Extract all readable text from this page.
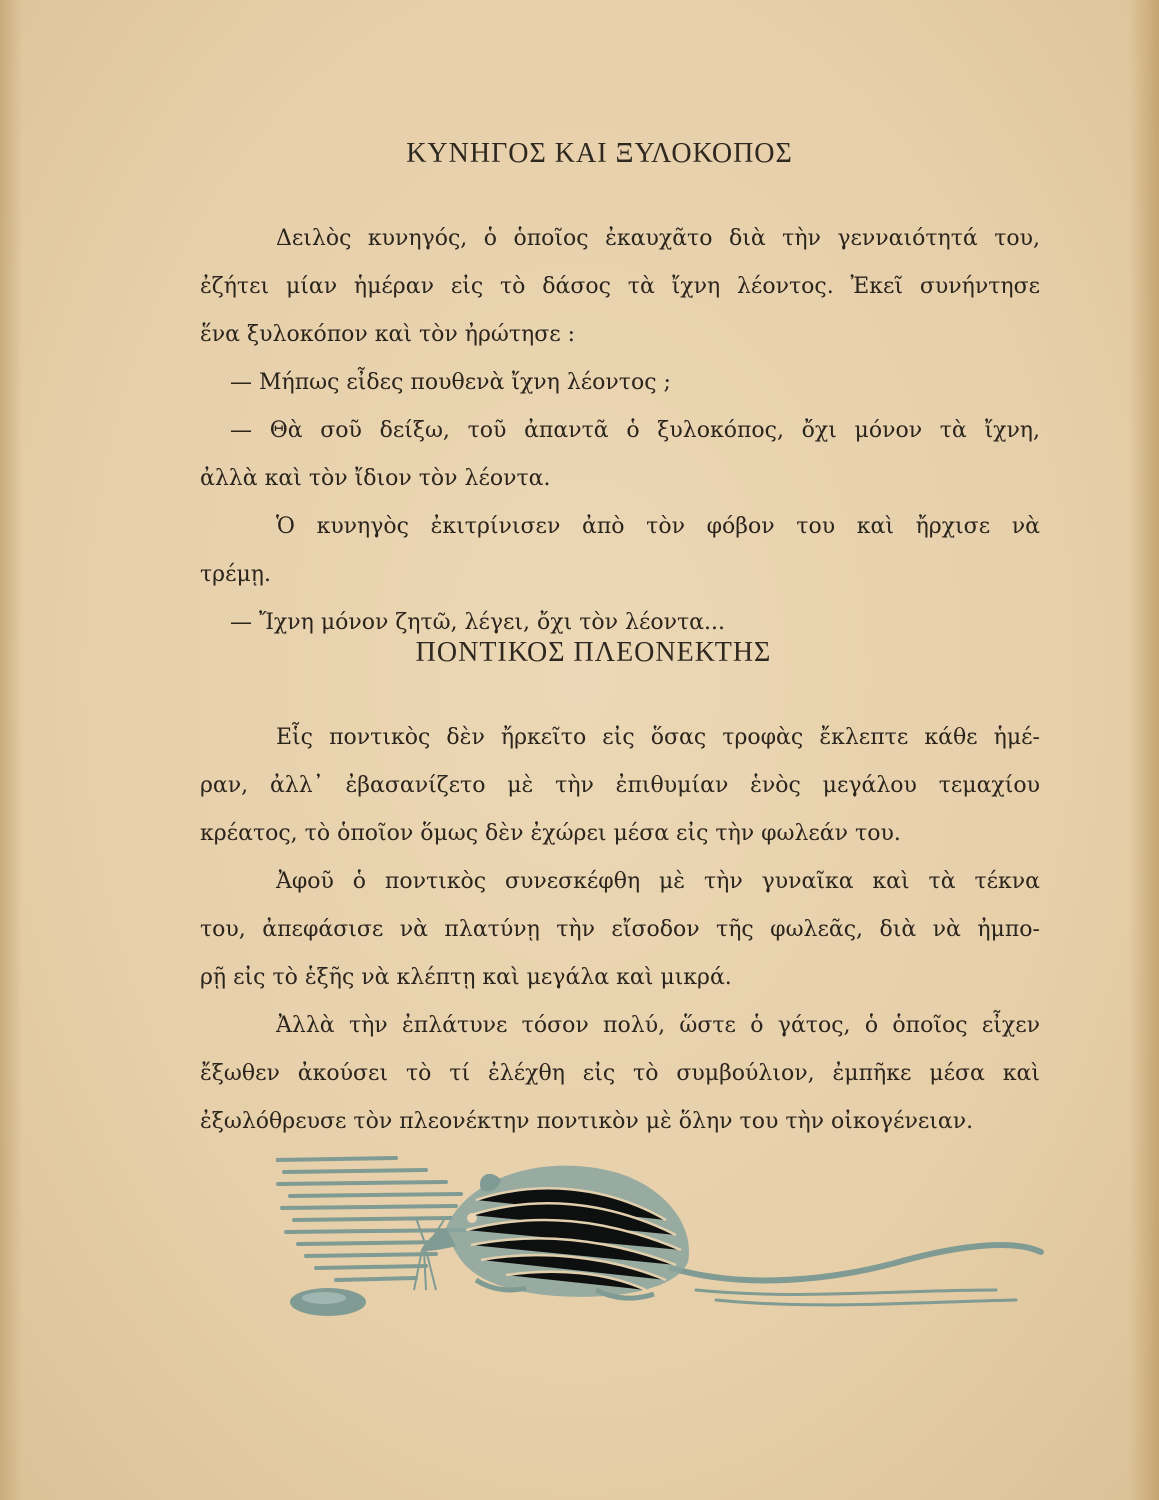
ΚΥΝΗΓΟΣ ΚΑΙ ΞΥΛΟΚΟΠΟΣ
Δειλὸς κυνηγός, ὁ ὁποῖος ἐκαυχᾶτο διὰ τὴν γενναιότητά του,
ἐζήτει μίαν ἡμέραν εἰς τὸ δάσος τὰ ἴχνη λέοντος. Ἐκεῖ συνήντησε
ἕνα ξυλοκόπον καὶ τὸν ἠρώτησε :
— Μήπως εἶδες πουθενὰ ἴχνη λέοντος ;
— Θὰ σοῦ δείξω, τοῦ ἀπαντᾶ ὁ ξυλοκόπος, ὄχι μόνον τὰ ἴχνη,
ἀλλὰ καὶ τὸν ἴδιον τὸν λέοντα.
Ὁ κυνηγὸς ἐκιτρίνισεν ἀπὸ τὸν φόβον του καὶ ἤρχισε νὰ
τρέμῃ.
— Ἴχνη μόνον ζητῶ, λέγει, ὄχι τὸν λέοντα...
ΠΟΝΤΙΚΟΣ ΠΛΕΟΝΕΚΤΗΣ
Εἷς ποντικὸς δὲν ἤρκεῖτο εἰς ὅσας τροφὰς ἔκλεπτε κάθε ἡμέ-
ραν, ἀλλ᾽ ἐβασανίζετο μὲ τὴν ἐπιθυμίαν ἑνὸς μεγάλου τεμαχίου
κρέατος, τὸ ὁποῖον ὅμως δὲν ἐχώρει μέσα εἰς τὴν φωλεάν του.
Ἀφοῦ ὁ ποντικὸς συνεσκέφθη μὲ τὴν γυναῖκα καὶ τὰ τέκνα
του, ἀπεφάσισε νὰ πλατύνῃ τὴν εἴσοδον τῆς φωλεᾶς, διὰ νὰ ἠμπο-
ρῇ εἰς τὸ ἑξῆς νὰ κλέπτῃ καὶ μεγάλα καὶ μικρά.
Ἀλλὰ τὴν ἐπλάτυνε τόσον πολύ, ὥστε ὁ γάτος, ὁ ὁποῖος εἶχεν
ἔξωθεν ἀκούσει τὸ τί ἐλέχθη εἰς τὸ συμβούλιον, ἐμπῆκε μέσα καὶ
ἐξωλόθρευσε τὸν πλεονέκτην ποντικὸν μὲ ὅλην του τὴν οἰκογένειαν.
